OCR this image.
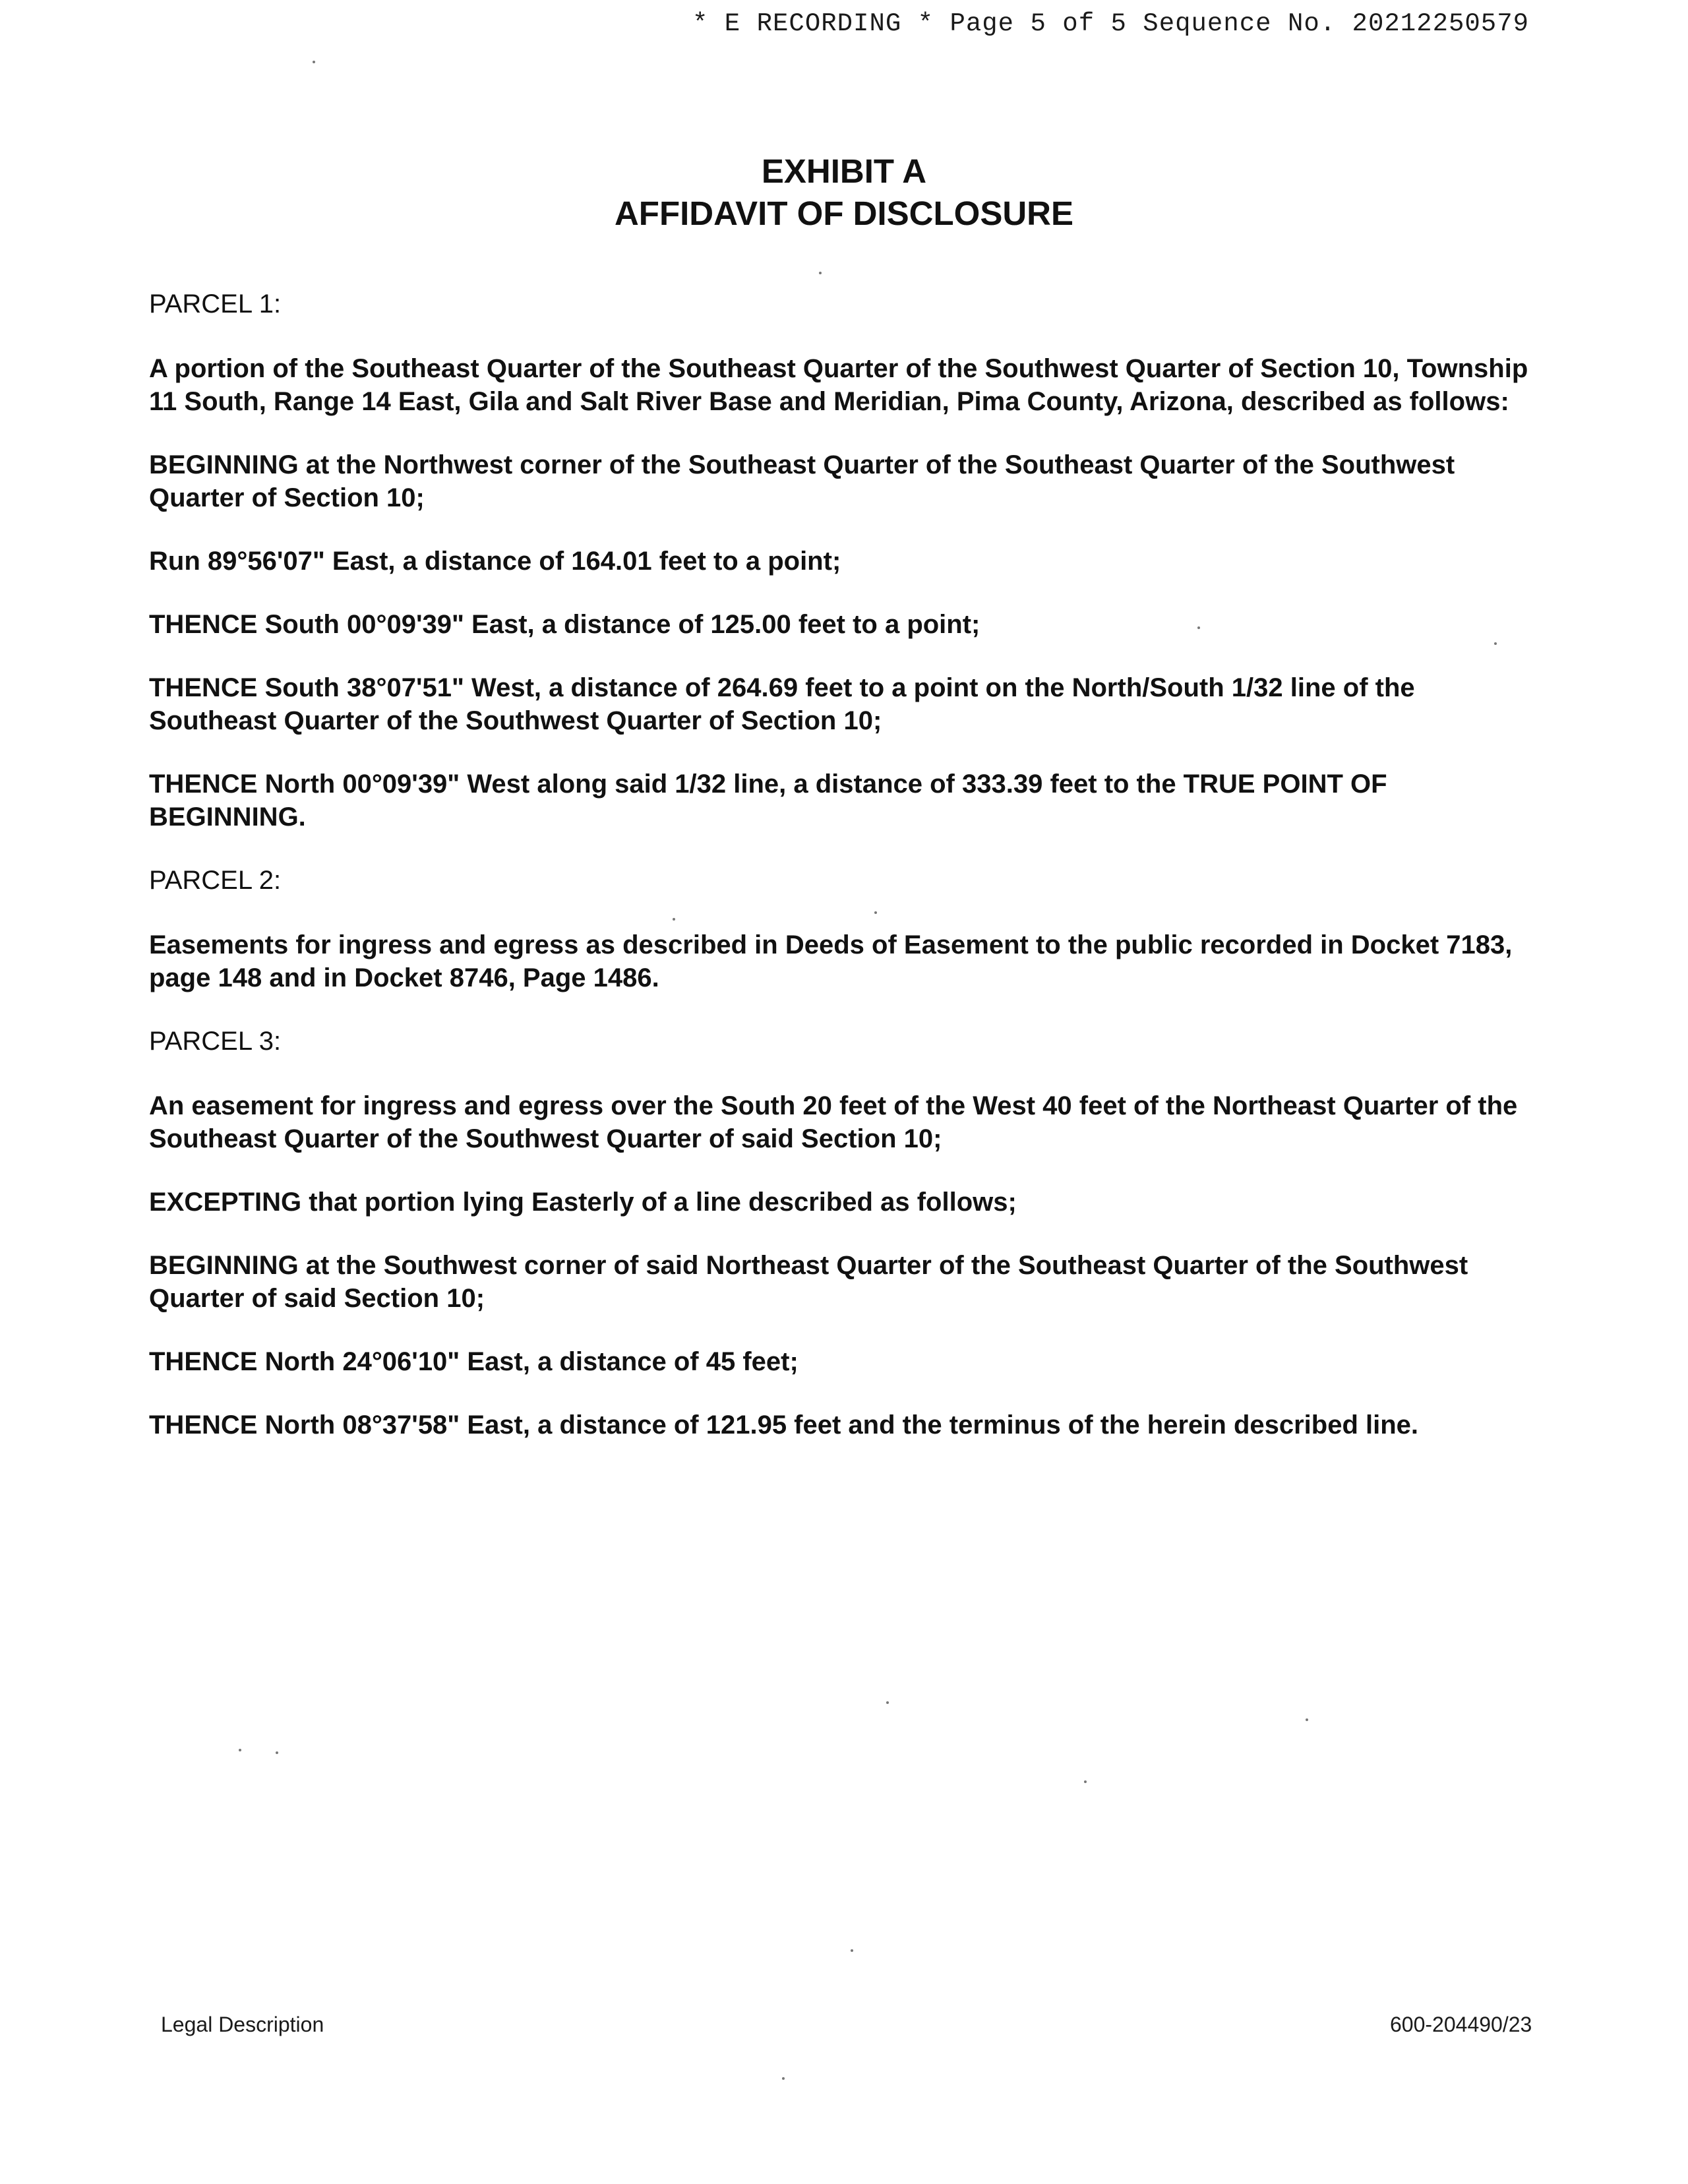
* E RECORDING * Page 5 of 5 Sequence No. 20212250579
EXHIBIT A
AFFIDAVIT OF DISCLOSURE
PARCEL 1:
A portion of the Southeast Quarter of the Southeast Quarter of the Southwest Quarter of Section 10, Township 11 South, Range 14 East, Gila and Salt River Base and Meridian, Pima County, Arizona, described as follows:
BEGINNING at the Northwest corner of the Southeast Quarter of the Southeast Quarter of the Southwest Quarter of Section 10;
Run 89°56'07" East, a distance of 164.01 feet to a point;
THENCE South 00°09'39" East, a distance of 125.00 feet to a point;
THENCE South 38°07'51" West, a distance of 264.69 feet to a point on the North/South 1/32 line of the Southeast Quarter of the Southwest Quarter of Section 10;
THENCE North 00°09'39" West along said 1/32 line, a distance of 333.39 feet to the TRUE POINT OF BEGINNING.
PARCEL 2:
Easements for ingress and egress as described in Deeds of Easement to the public recorded in Docket 7183, page 148 and in Docket 8746, Page 1486.
PARCEL 3:
An easement for ingress and egress over the South 20 feet of the West 40 feet of the Northeast Quarter of the Southeast Quarter of the Southwest Quarter of said Section 10;
EXCEPTING that portion lying Easterly of a line described as follows;
BEGINNING at the Southwest corner of said Northeast Quarter of the Southeast Quarter of the Southwest Quarter of said Section 10;
THENCE North 24°06'10" East, a distance of 45 feet;
THENCE North 08°37'58" East, a distance of 121.95 feet and the terminus of the herein described line.
Legal Description	600-204490/23
